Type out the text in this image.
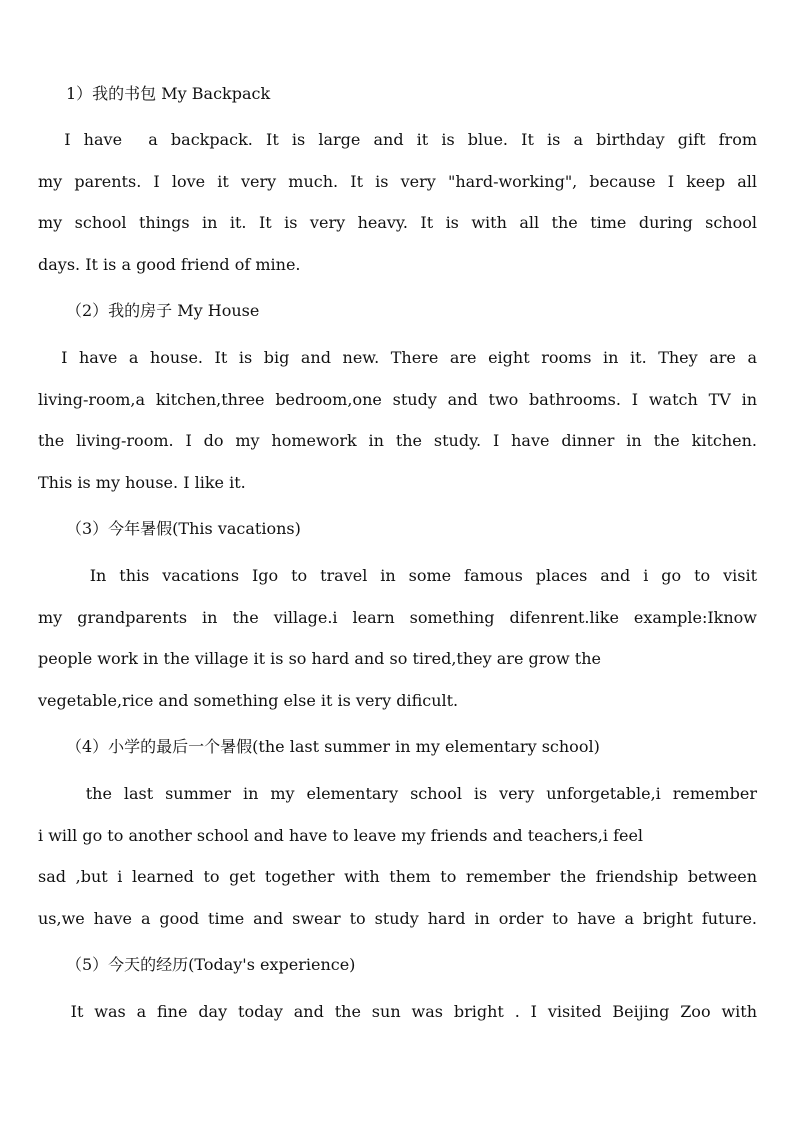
1）我的书包 My Backpack
I have  a backpack. It is large and it is blue. It is a birthday gift from
my parents. I love it very much. It is very "hard-working", because I keep all
my school things in it. It is very heavy. It is with all the time during school
days. It is a good friend of mine.
（2）我的房子 My House
I have a house. It is big and new. There are eight rooms in it. They are a
living-room,a kitchen,three bedroom,one study and two bathrooms. I watch TV in
the living-room. I do my homework in the study. I have dinner in the kitchen.
This is my house. I like it.
（3）今年暑假(This vacations)
In this vacations Igo to travel in some famous places and i go to visit
my grandparents in the village.i learn something difenrent.like example:Iknow
people work in the village it is so hard and so tired,they are grow the
vegetable,rice and something else it is very dificult.
（4）小学的最后一个暑假(the last summer in my elementary school)
the last summer in my elementary school is very unforgetable,i remember
i will go to another school and have to leave my friends and teachers,i feel
sad ,but i learned to get together with them to remember the friendship between
us,we have a good time and swear to study hard in order to have a bright future.
（5）今天的经历(Today's experience)
It was a fine day today and the sun was bright . I visited Beijing Zoo with
